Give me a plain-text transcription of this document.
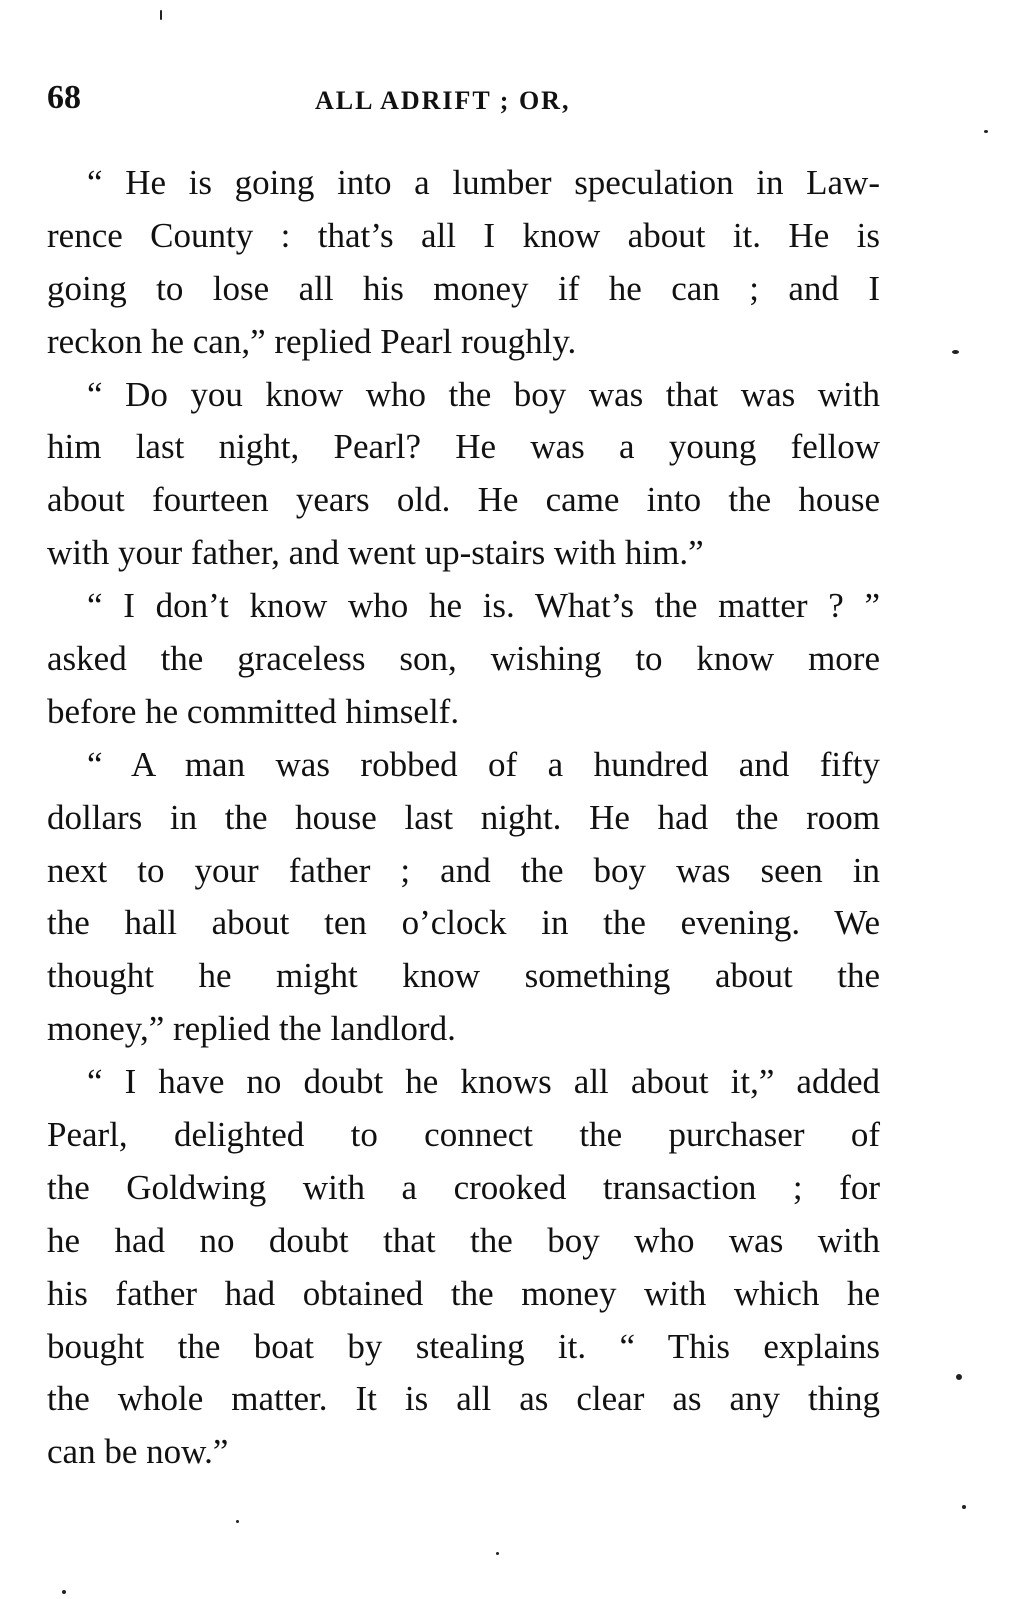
68	ALL ADRIFT ; OR,

“ He is going into a lumber speculation in Law-
rence County : that’s all I know about it. He is
going to lose all his money if he can ; and I
reckon he can,” replied Pearl roughly.

“ Do you know who the boy was that was with
him last night, Pearl? He was a young fellow
about fourteen years old. He came into the house
with your father, and went up-stairs with him.”

“ I don’t know who he is. What’s the matter ? ”
asked the graceless son, wishing to know more
before he committed himself.

“ A man was robbed of a hundred and fifty
dollars in the house last night. He had the room
next to your father ; and the boy was seen in
the hall about ten o’clock in the evening. We
thought he might know something about the
money,” replied the landlord.

“ I have no doubt he knows all about it,” added
Pearl, delighted to connect the purchaser of
the Goldwing with a crooked transaction ; for
he had no doubt that the boy who was with
his father had obtained the money with which he
bought the boat by stealing it. “ This explains
the whole matter. It is all as clear as any thing
can be now.”
